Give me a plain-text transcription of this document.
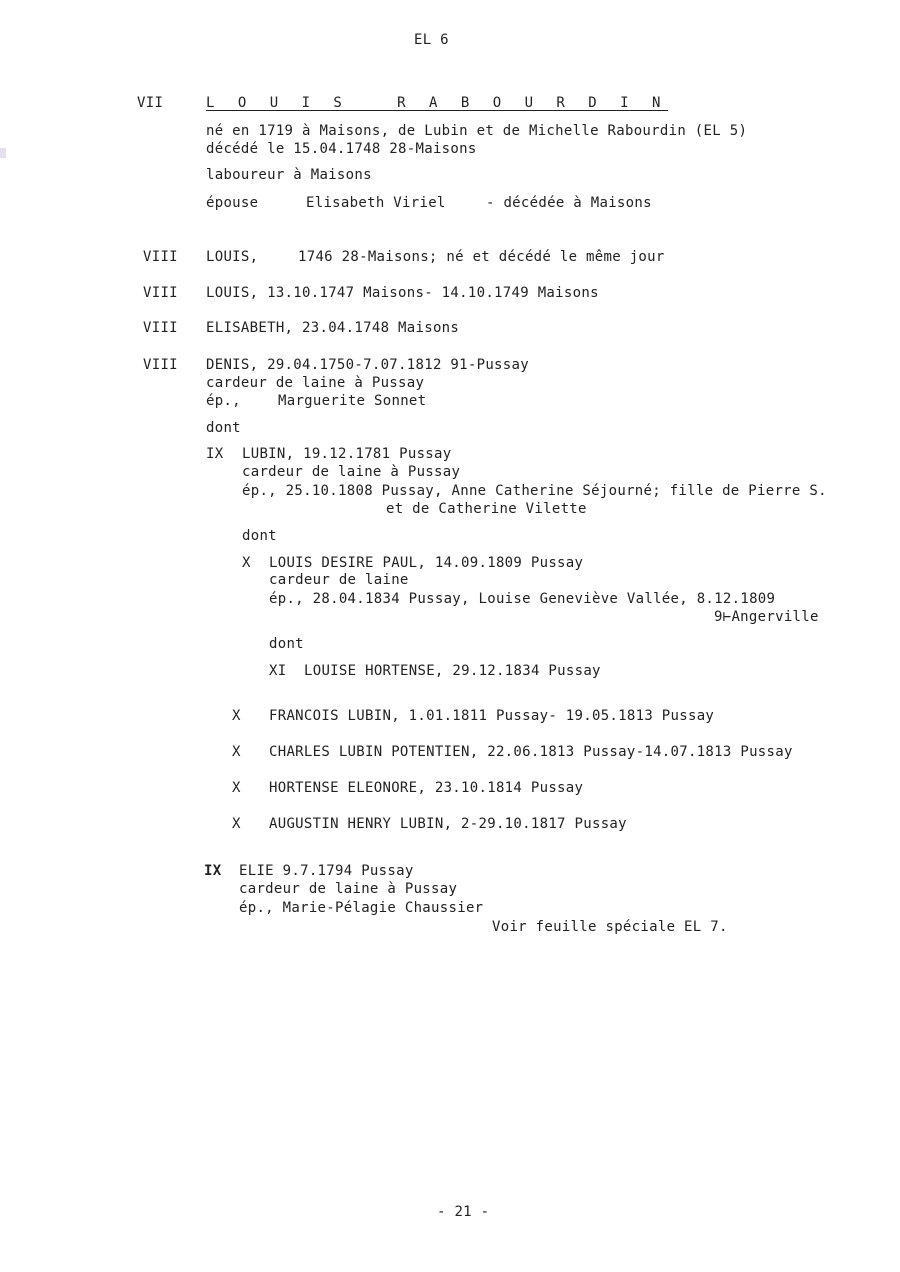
EL 6
VII	L O U I S   R A B O U R D I N
né en 1719 à Maisons, de Lubin et de Michelle Rabourdin (EL 5)
décédé le 15.04.1748 28-Maisons
laboureur à Maisons
épouse	Elisabeth Viriel	- décédée à Maisons
VIII LOUIS,	1746 28-Maisons; né et décédé le même jour
VIII LOUIS, 13.10.1747 Maisons- 14.10.1749 Maisons
VIII ELISABETH, 23.04.1748 Maisons
VIII DENIS, 29.04.1750-7.07.1812 91-Pussay
cardeur de laine à Pussay
ép.,	Marguerite Sonnet
dont
IX LUBIN, 19.12.1781 Pussay
cardeur de laine à Pussay
ép., 25.10.1808 Pussay, Anne Catherine Séjourné; fille de Pierre S.
et de Catherine Vilette
dont
X LOUIS DESIRE PAUL, 14.09.1809 Pussay
cardeur de laine
ép., 28.04.1834 Pussay, Louise Geneviève Vallée, 8.12.1809
9⊢Angerville
dont
XI LOUISE HORTENSE, 29.12.1834 Pussay
X FRANCOIS LUBIN, 1.01.1811 Pussay- 19.05.1813 Pussay
X CHARLES LUBIN POTENTIEN, 22.06.1813 Pussay-14.07.1813 Pussay
X HORTENSE ELEONORE, 23.10.1814 Pussay
X AUGUSTIN HENRY LUBIN, 2-29.10.1817 Pussay
IX ELIE 9.7.1794 Pussay
cardeur de laine à Pussay
ép., Marie-Pélagie Chaussier
Voir feuille spéciale EL 7.
- 21 -
